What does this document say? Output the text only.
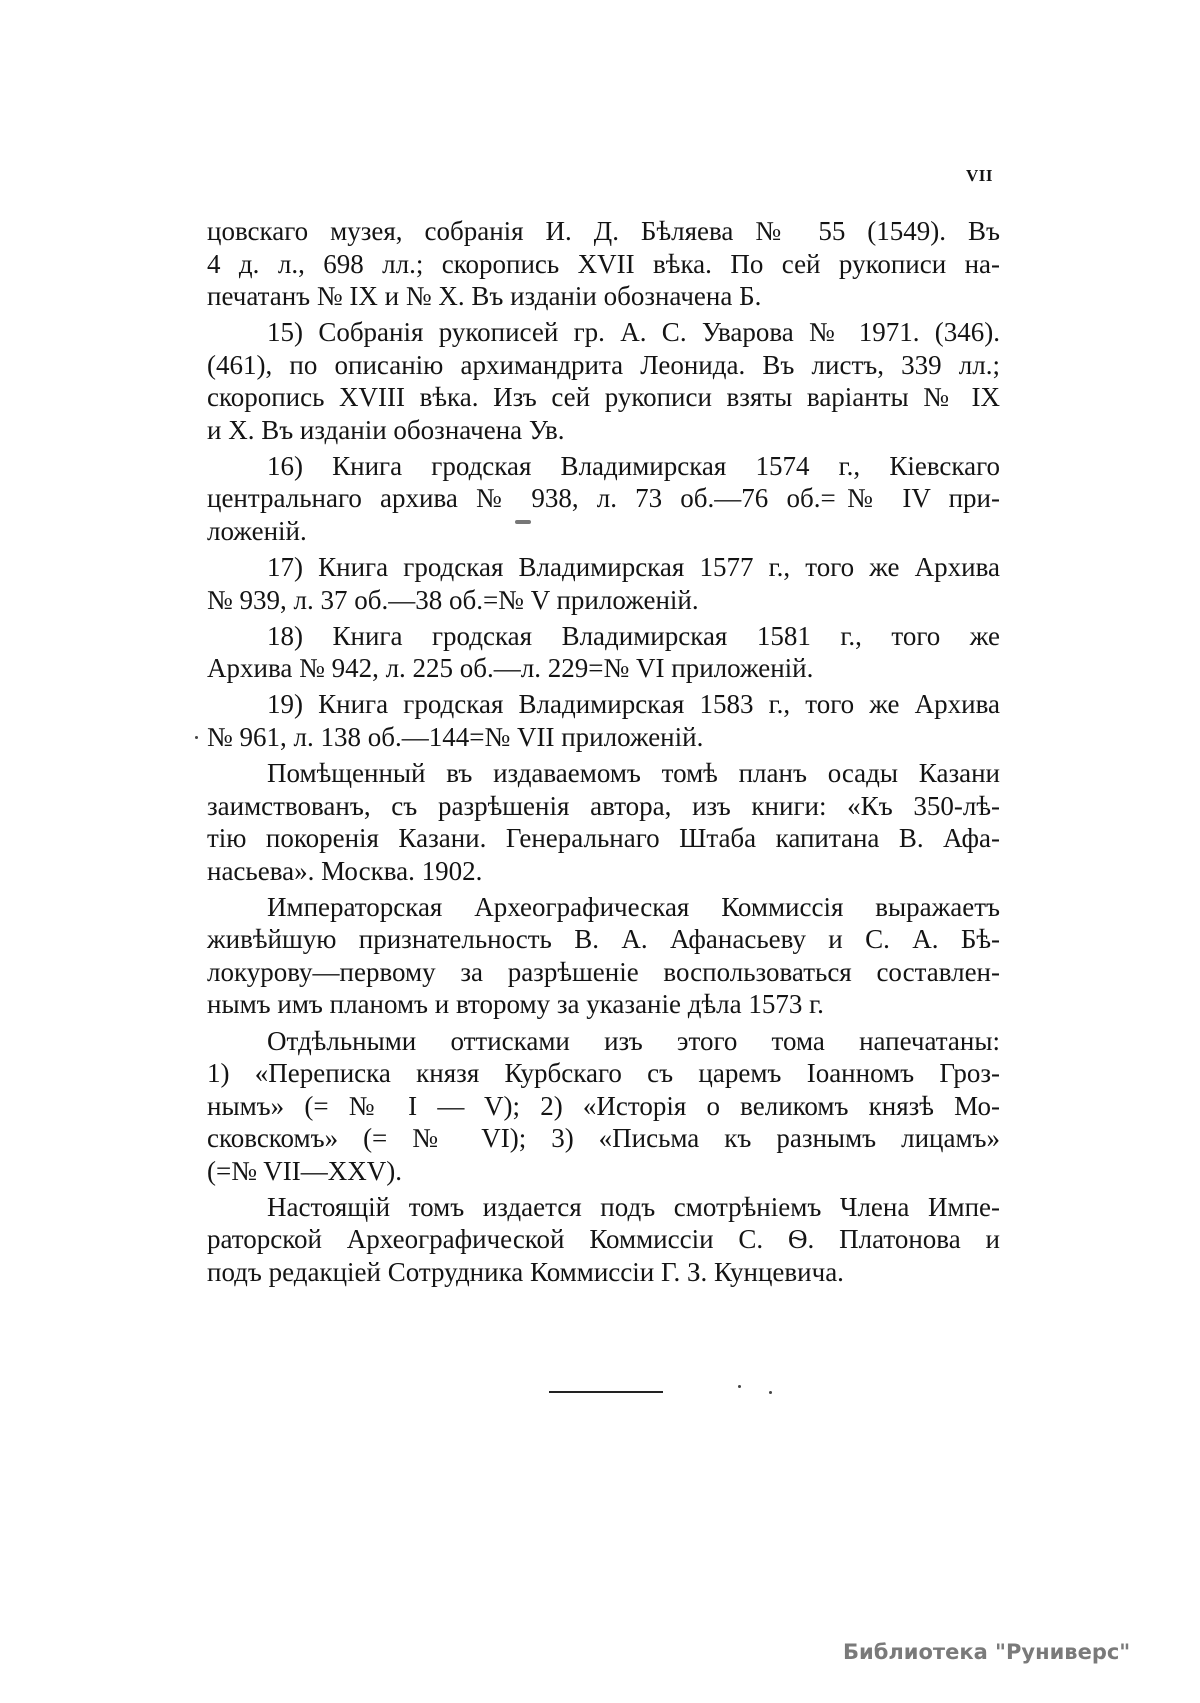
VII
цовскаго музея, собранія И. Д. Бѣляева № 55 (1549). Въ
4 д. л., 698 лл.; скоропись XVII вѣка. По сей рукописи на-
печатанъ № IX и № X. Въ изданіи обозначена Б.
15) Собранія рукописей гр. А. С. Уварова № 1971. (346).
(461), по описанію архимандрита Леонида. Въ листъ, 339 лл.;
скоропись XVIII вѣка. Изъ сей рукописи взяты варіанты № IX
и X. Въ изданіи обозначена Ув.
16) Книга гродская Владимирская 1574 г., Кіевскаго
центральнаго архива № 938, л. 73 об.—76 об.=№ IV при-
ложеній.
17) Книга гродская Владимирская 1577 г., того же Архива
№ 939, л. 37 об.—38 об.=№ V приложеній.
18) Книга гродская Владимирская 1581 г., того же
Архива № 942, л. 225 об.—л. 229=№ VI приложеній.
19) Книга гродская Владимирская 1583 г., того же Архива
№ 961, л. 138 об.—144=№ VII приложеній.
Помѣщенный въ издаваемомъ томѣ планъ осады Казани
заимствованъ, съ разрѣшенія автора, изъ книги: «Къ 350-лѣ-
тію покоренія Казани. Генеральнаго Штаба капитана В. Афа-
насьева». Москва. 1902.
Императорская Археографическая Коммиссія выражаетъ
живѣйшую признательность В. А. Афанасьеву и С. А. Бѣ-
локурову—первому за разрѣшеніе воспользоваться составлен-
нымъ имъ планомъ и второму за указаніе дѣла 1573 г.
Отдѣльными оттисками изъ этого тома напечатаны:
1) «Переписка князя Курбскаго съ царемъ Іоанномъ Гроз-
нымъ» (= № I — V); 2) «Исторія о великомъ князѣ Мо-
сковскомъ» (= № VI); 3) «Письма къ разнымъ лицамъ»
(=№ VII—XXV).
Настоящій томъ издается подъ смотрѣніемъ Члена Импе-
раторской Археографической Коммиссіи С. Ѳ. Платонова и
подъ редакціей Сотрудника Коммиссіи Г. З. Кунцевича.
Библиотека "Руниверс"
